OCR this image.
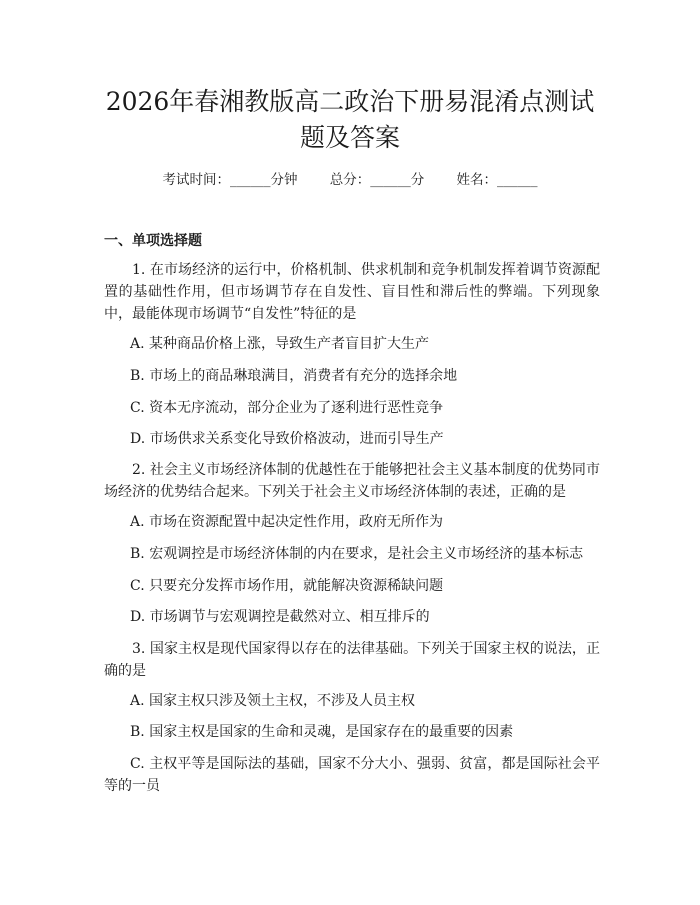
2026年春湘教版高二政治下册易混淆点测试题及答案
考试时间：______分钟 总分：______分 姓名：______
一、单项选择题

1. 在市场经济的运行中，价格机制、供求机制和竞争机制发挥着调节资源配置的基础性作用，但市场调节存在自发性、盲目性和滞后性的弊端。下列现象中，最能体现市场调节“自发性”特征的是

A. 某种商品价格上涨，导致生产者盲目扩大生产

B. 市场上的商品琳琅满目，消费者有充分的选择余地

C. 资本无序流动，部分企业为了逐利进行恶性竞争

D. 市场供求关系变化导致价格波动，进而引导生产

2. 社会主义市场经济体制的优越性在于能够把社会主义基本制度的优势同市场经济的优势结合起来。下列关于社会主义市场经济体制的表述，正确的是

A. 市场在资源配置中起决定性作用，政府无所作为

B. 宏观调控是市场经济体制的内在要求，是社会主义市场经济的基本标志

C. 只要充分发挥市场作用，就能解决资源稀缺问题

D. 市场调节与宏观调控是截然对立、相互排斥的

3. 国家主权是现代国家得以存在的法律基础。下列关于国家主权的说法，正确的是

A. 国家主权只涉及领土主权，不涉及人员主权

B. 国家主权是国家的生命和灵魂，是国家存在的最重要的因素

C. 主权平等是国际法的基础，国家不分大小、强弱、贫富，都是国际社会平等的一员
